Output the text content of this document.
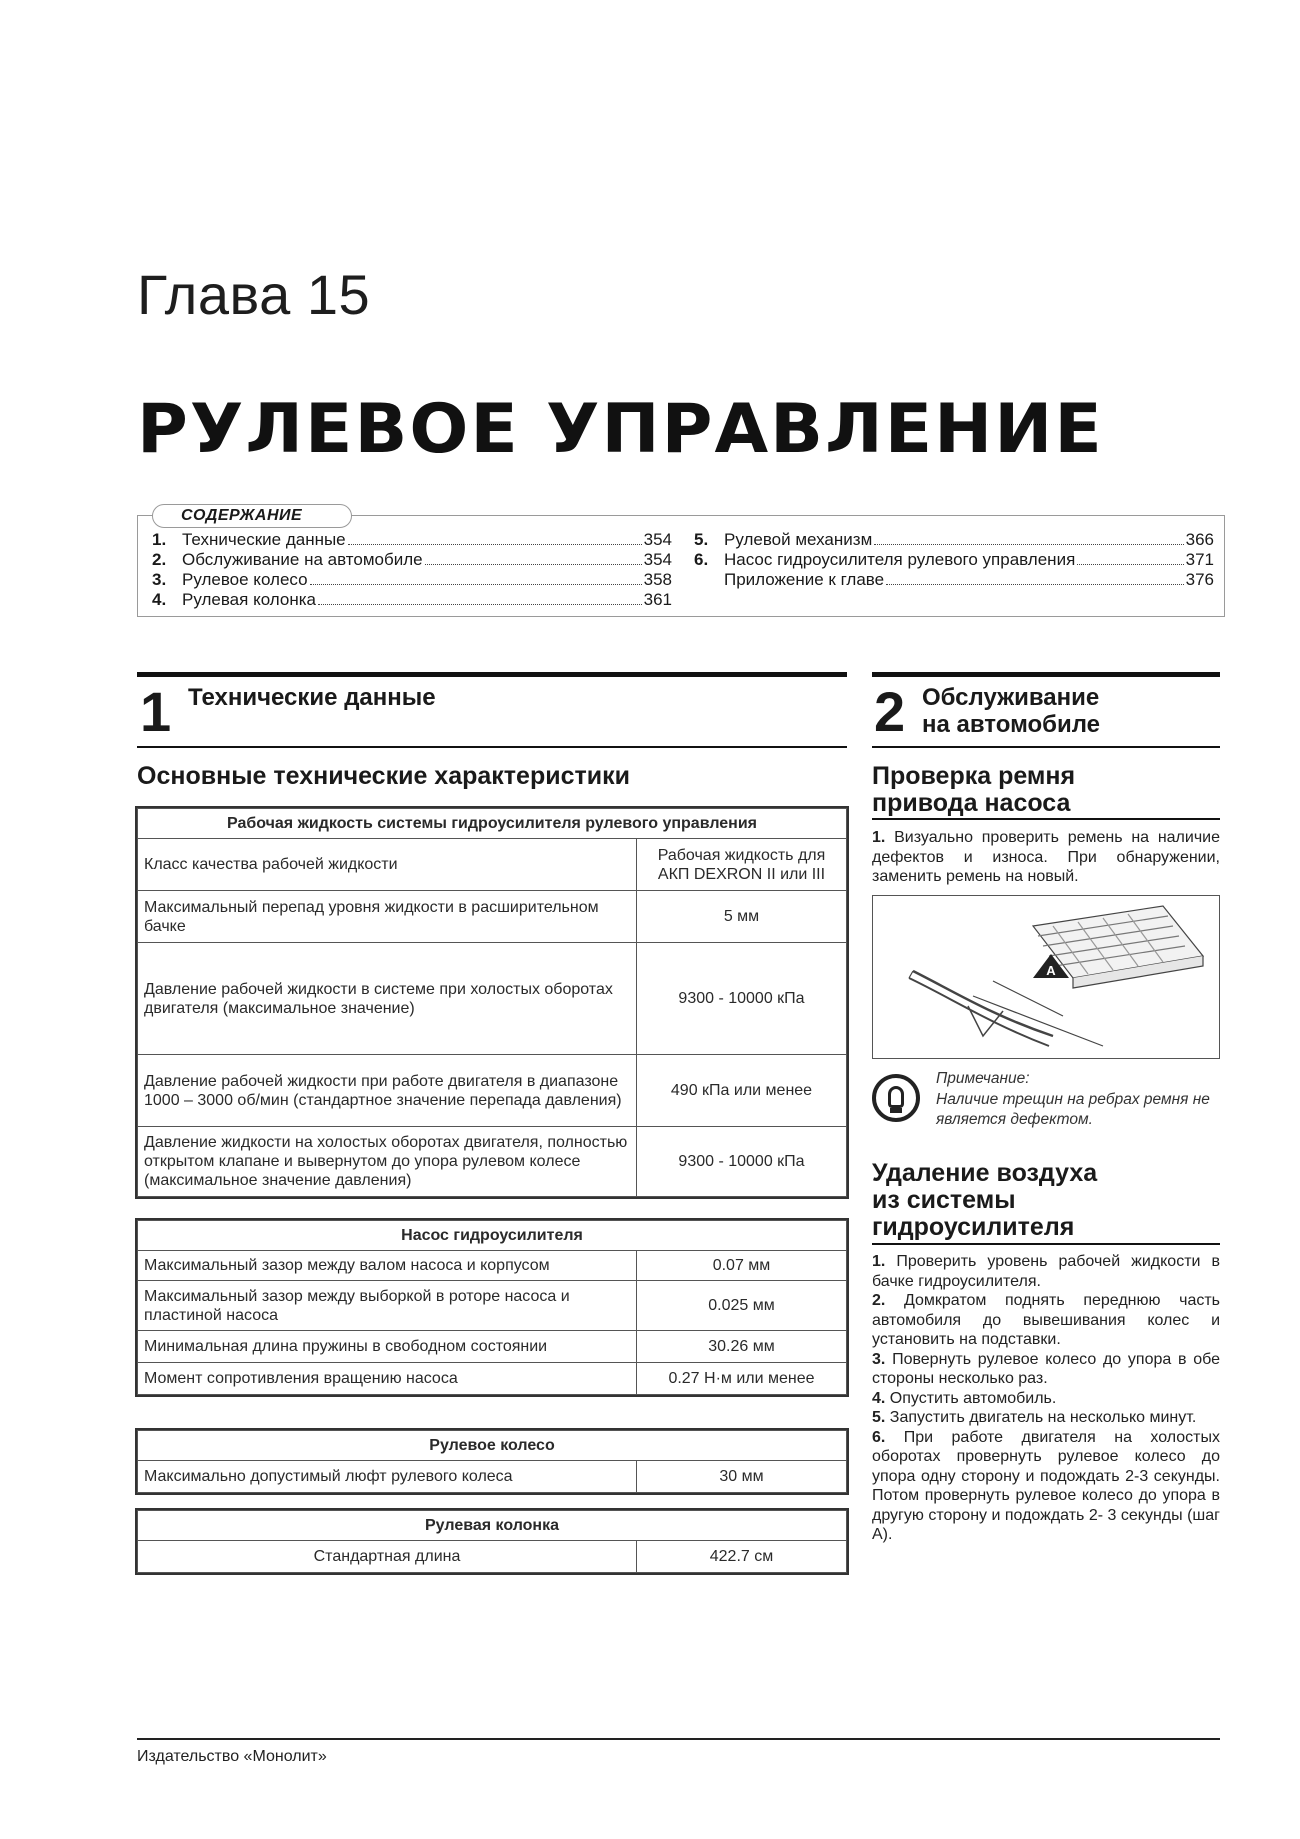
Глава 15
РУЛЕВОЕ УПРАВЛЕНИЕ
СОДЕРЖАНИЕ
1. Технические данные	354
2. Обслуживание на автомобиле	354
3. Рулевое колесо	358
4. Рулевая колонка	361
5. Рулевой механизм	366
6. Насос гидроусилителя рулевого управления	371
Приложение к главе	376
1 Технические данные
Основные технические характеристики
Рабочая жидкость системы гидроусилителя рулевого управления	
Класс качества рабочей жидкости	Рабочая жидкость для АКП DEXRON II или III
Максимальный перепад уровня жидкости в расширительном бачке	5 мм
Давление рабочей жидкости в системе при холостых оборотах двигателя (максимальное значение)	9300 - 10000 кПа
Давление рабочей жидкости при работе двигателя в диапазоне 1000 – 3000 об/мин (стандартное значение перепада давления)	490 кПа или менее
Давление жидкости на холостых оборотах двигателя, полностью открытом клапане и вывернутом до упора рулевом колесе (максимальное значение давления)	9300 - 10000 кПа
Насос гидроусилителя	
Максимальный зазор между валом насоса и корпусом	0.07 мм
Максимальный зазор между выборкой в роторе насоса и пластиной насоса	0.025 мм
Минимальная длина пружины в свободном состоянии	30.26 мм
Момент сопротивления вращению насоса	0.27 Н·м или менее
Рулевое колесо
Максимально допустимый люфт рулевого колеса	30 мм
Рулевая колонка
Стандартная длина	422.7 см
2 Обслуживание
на автомобиле
Проверка ремня
привода насоса

1. Визуально проверить ремень на наличие дефектов и износа. При обнаружении, заменить ремень на новый.

A
Примечание:
Наличие трещин на ребрах ремня не является дефектом.
Удаление воздуха
из системы
гидроусилителя

1. Проверить уровень рабочей жидкости в бачке гидроусилителя.

2. Домкратом поднять переднюю часть автомобиля до вывешивания колес и установить на подставки.

3. Повернуть рулевое колесо до упора в обе стороны несколько раз.

4. Опустить автомобиль.

5. Запустить двигатель на несколько минут.

6. При работе двигателя на холостых оборотах провернуть рулевое колесо до упора одну сторону и подождать 2-3 секунды. Потом провернуть рулевое колесо до упора в другую сторону и подождать 2- 3 секунды (шаг А).

Издательство «Монолит»
